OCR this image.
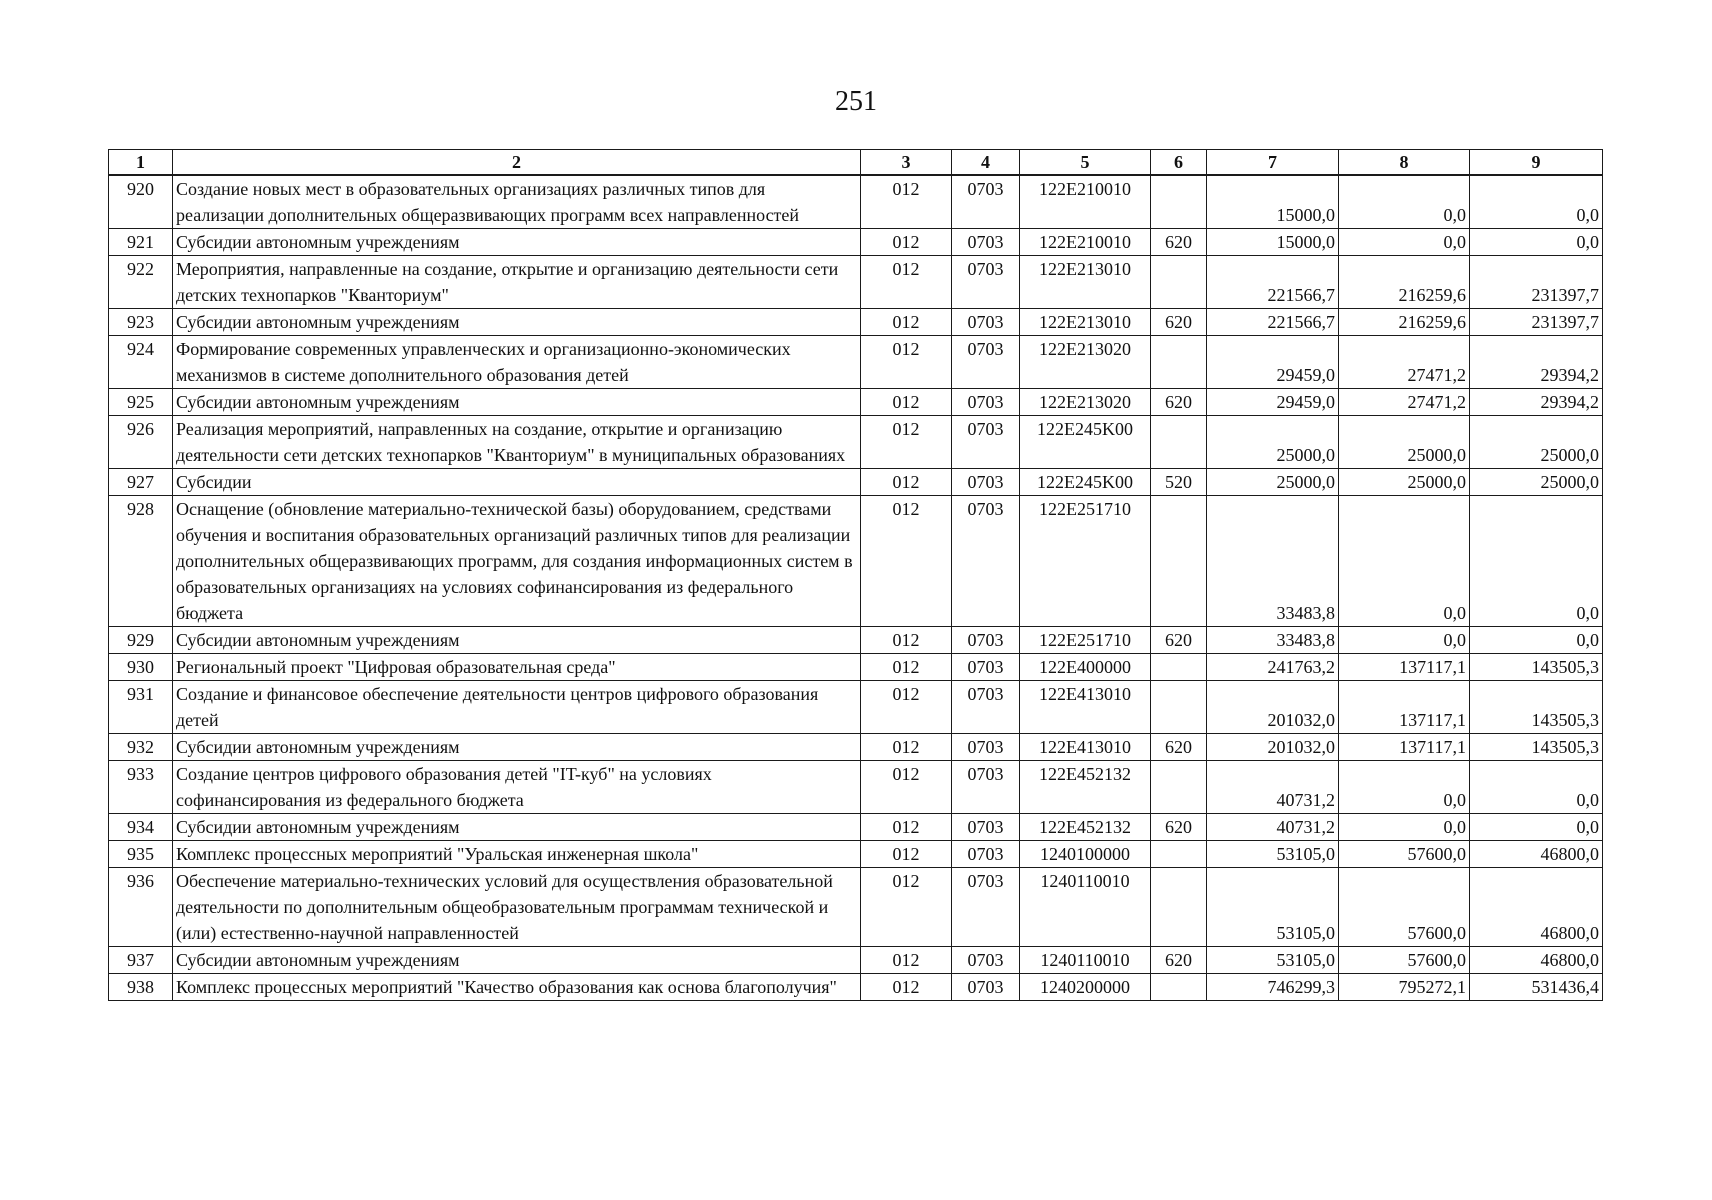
251
1	2	3	4	5	6	7	8	9
920	Создание новых мест в образовательных организациях различных типов для реализации дополнительных общеразвивающих программ всех направленностей	012	0703	122E210010		15000,0	0,0	0,0
921	Субсидии автономным учреждениям	012	0703	122E210010	620	15000,0	0,0	0,0
922	Мероприятия, направленные на создание, открытие и организацию деятельности сети детских технопарков "Кванториум"	012	0703	122E213010		221566,7	216259,6	231397,7
923	Субсидии автономным учреждениям	012	0703	122E213010	620	221566,7	216259,6	231397,7
924	Формирование современных управленческих и организационно-экономических механизмов в системе дополнительного образования детей	012	0703	122E213020		29459,0	27471,2	29394,2
925	Субсидии автономным учреждениям	012	0703	122E213020	620	29459,0	27471,2	29394,2
926	Реализация мероприятий, направленных на создание, открытие и организацию деятельности сети детских технопарков "Кванториум" в муниципальных образованиях	012	0703	122E245K00		25000,0	25000,0	25000,0
927	Субсидии	012	0703	122E245K00	520	25000,0	25000,0	25000,0
928	Оснащение (обновление материально-технической базы) оборудованием, средствами обучения и воспитания образовательных организаций различных типов для реализации дополнительных общеразвивающих программ, для создания информационных систем в образовательных организациях на условиях софинансирования из федерального бюджета	012	0703	122E251710		33483,8	0,0	0,0
929	Субсидии автономным учреждениям	012	0703	122E251710	620	33483,8	0,0	0,0
930	Региональный проект "Цифровая образовательная среда"	012	0703	122E400000		241763,2	137117,1	143505,3
931	Создание и финансовое обеспечение деятельности центров цифрового образования детей	012	0703	122E413010		201032,0	137117,1	143505,3
932	Субсидии автономным учреждениям	012	0703	122E413010	620	201032,0	137117,1	143505,3
933	Создание центров цифрового образования детей "IT-куб" на условиях софинансирования из федерального бюджета	012	0703	122E452132		40731,2	0,0	0,0
934	Субсидии автономным учреждениям	012	0703	122E452132	620	40731,2	0,0	0,0
935	Комплекс процессных мероприятий "Уральская инженерная школа"	012	0703	1240100000		53105,0	57600,0	46800,0
936	Обеспечение материально-технических условий для осуществления образовательной деятельности по дополнительным общеобразовательным программам технической и (или) естественно-научной направленностей	012	0703	1240110010		53105,0	57600,0	46800,0
937	Субсидии автономным учреждениям	012	0703	1240110010	620	53105,0	57600,0	46800,0
938	Комплекс процессных мероприятий "Качество образования как основа благополучия"	012	0703	1240200000		746299,3	795272,1	531436,4
